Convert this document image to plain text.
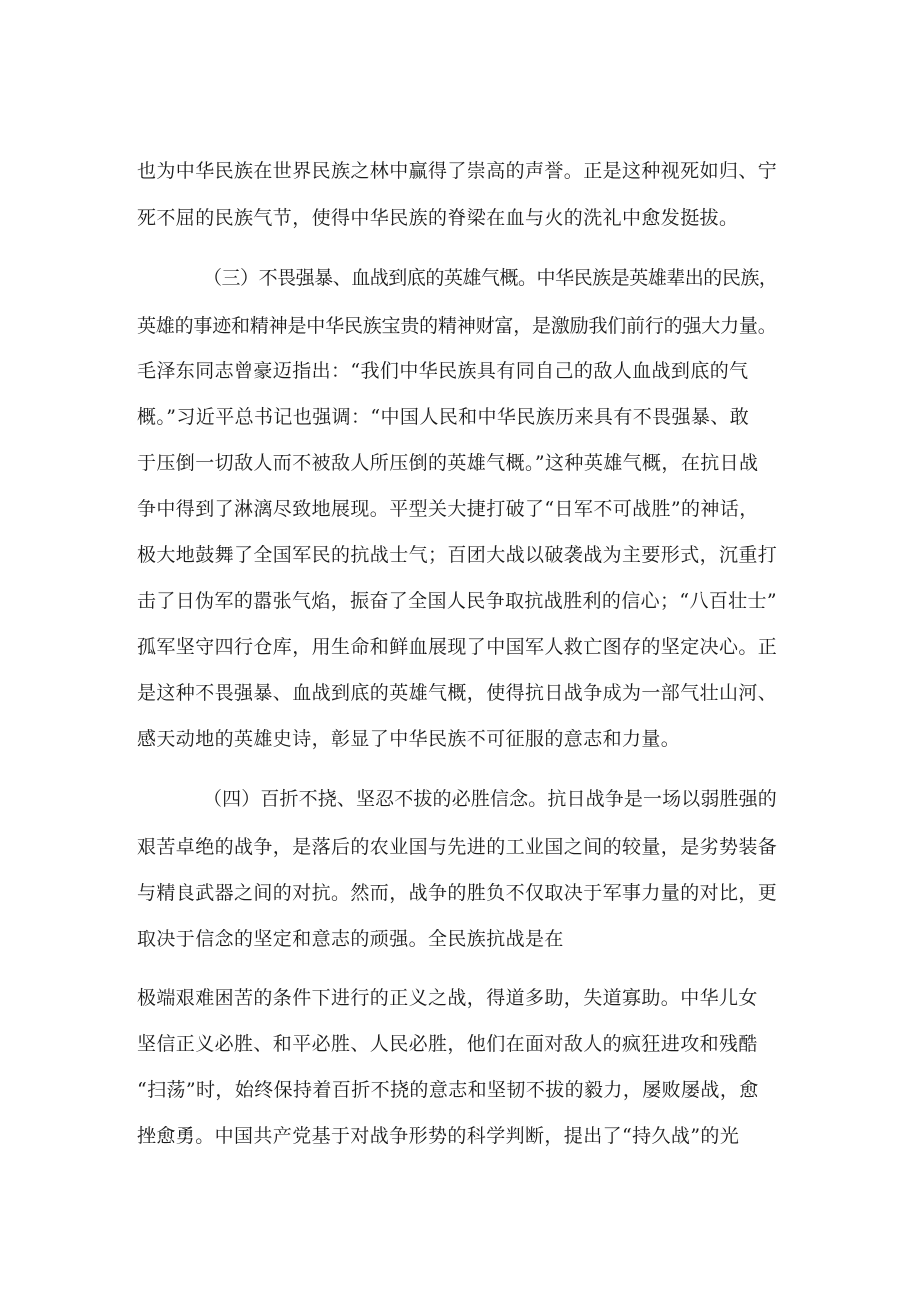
也为中华民族在世界民族之林中赢得了崇高的声誉。正是这种视死如归、宁
死不屈的民族气节，使得中华民族的脊梁在血与火的洗礼中愈发挺拔。
（三）不畏强暴、血战到底的英雄气概。中华民族是英雄辈出的民族，
英雄的事迹和精神是中华民族宝贵的精神财富，是激励我们前行的强大力量。
毛泽东同志曾豪迈指出：“我们中华民族具有同自己的敌人血战到底的气
概。”习近平总书记也强调：“中国人民和中华民族历来具有不畏强暴、敢
于压倒一切敌人而不被敌人所压倒的英雄气概。”这种英雄气概，在抗日战
争中得到了淋漓尽致地展现。平型关大捷打破了“日军不可战胜”的神话，
极大地鼓舞了全国军民的抗战士气；百团大战以破袭战为主要形式，沉重打
击了日伪军的嚣张气焰，振奋了全国人民争取抗战胜利的信心；“八百壮士”
孤军坚守四行仓库，用生命和鲜血展现了中国军人救亡图存的坚定决心。正
是这种不畏强暴、血战到底的英雄气概，使得抗日战争成为一部气壮山河、
感天动地的英雄史诗，彰显了中华民族不可征服的意志和力量。
（四）百折不挠、坚忍不拔的必胜信念。抗日战争是一场以弱胜强的
艰苦卓绝的战争，是落后的农业国与先进的工业国之间的较量，是劣势装备
与精良武器之间的对抗。然而，战争的胜负不仅取决于军事力量的对比，更
取决于信念的坚定和意志的顽强。全民族抗战是在
极端艰难困苦的条件下进行的正义之战，得道多助，失道寡助。中华儿女
坚信正义必胜、和平必胜、人民必胜，他们在面对敌人的疯狂进攻和残酷
“扫荡”时，始终保持着百折不挠的意志和坚韧不拔的毅力，屡败屡战，愈
挫愈勇。中国共产党基于对战争形势的科学判断，提出了“持久战”的光
